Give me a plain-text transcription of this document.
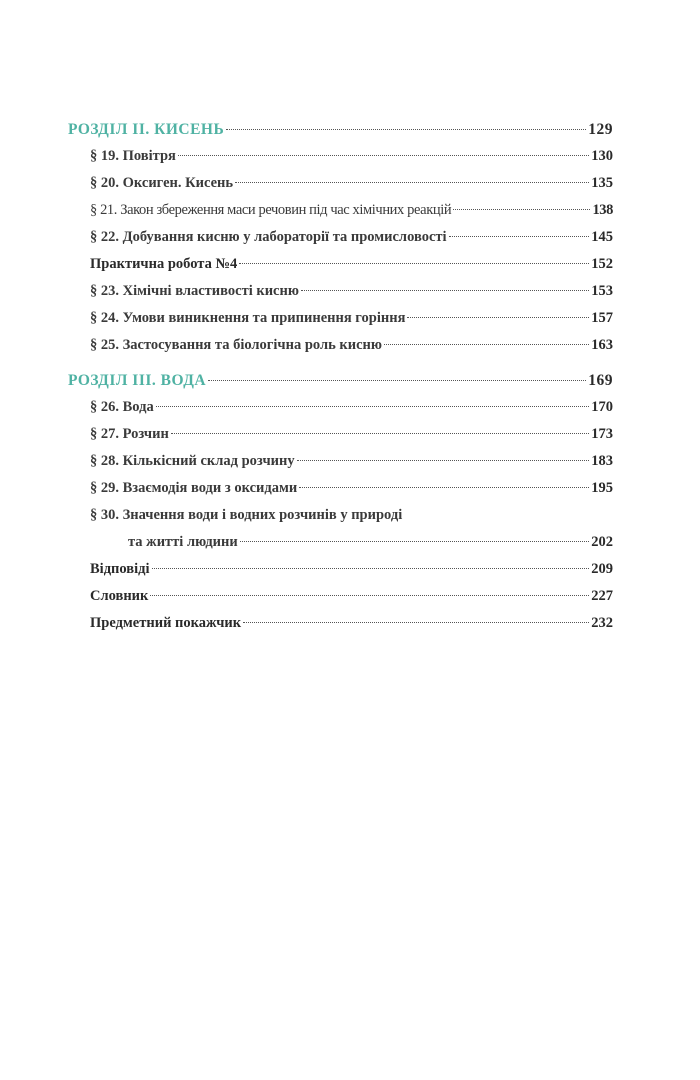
РОЗДІЛ ІІ. КИСЕНЬ	129
§ 19. Повітря	130
§ 20. Оксиген. Кисень	135
§ 21. Закон збереження маси речовин під час хімічних реакцій	138
§ 22. Добування кисню у лабораторії та промисловості	145
Практична робота №4	152
§ 23. Хімічні властивості кисню	153
§ 24. Умови виникнення та припинення горіння	157
§ 25. Застосування та біологічна роль кисню	163
РОЗДІЛ ІІІ. ВОДА	169
§ 26. Вода	170
§ 27. Розчин	173
§ 28. Кількісний склад розчину	183
§ 29. Взаємодія води з оксидами	195
§ 30. Значення води і водних розчинів у природі
та житті людини	202
Відповіді	209
Словник	227
Предметний покажчик	232
